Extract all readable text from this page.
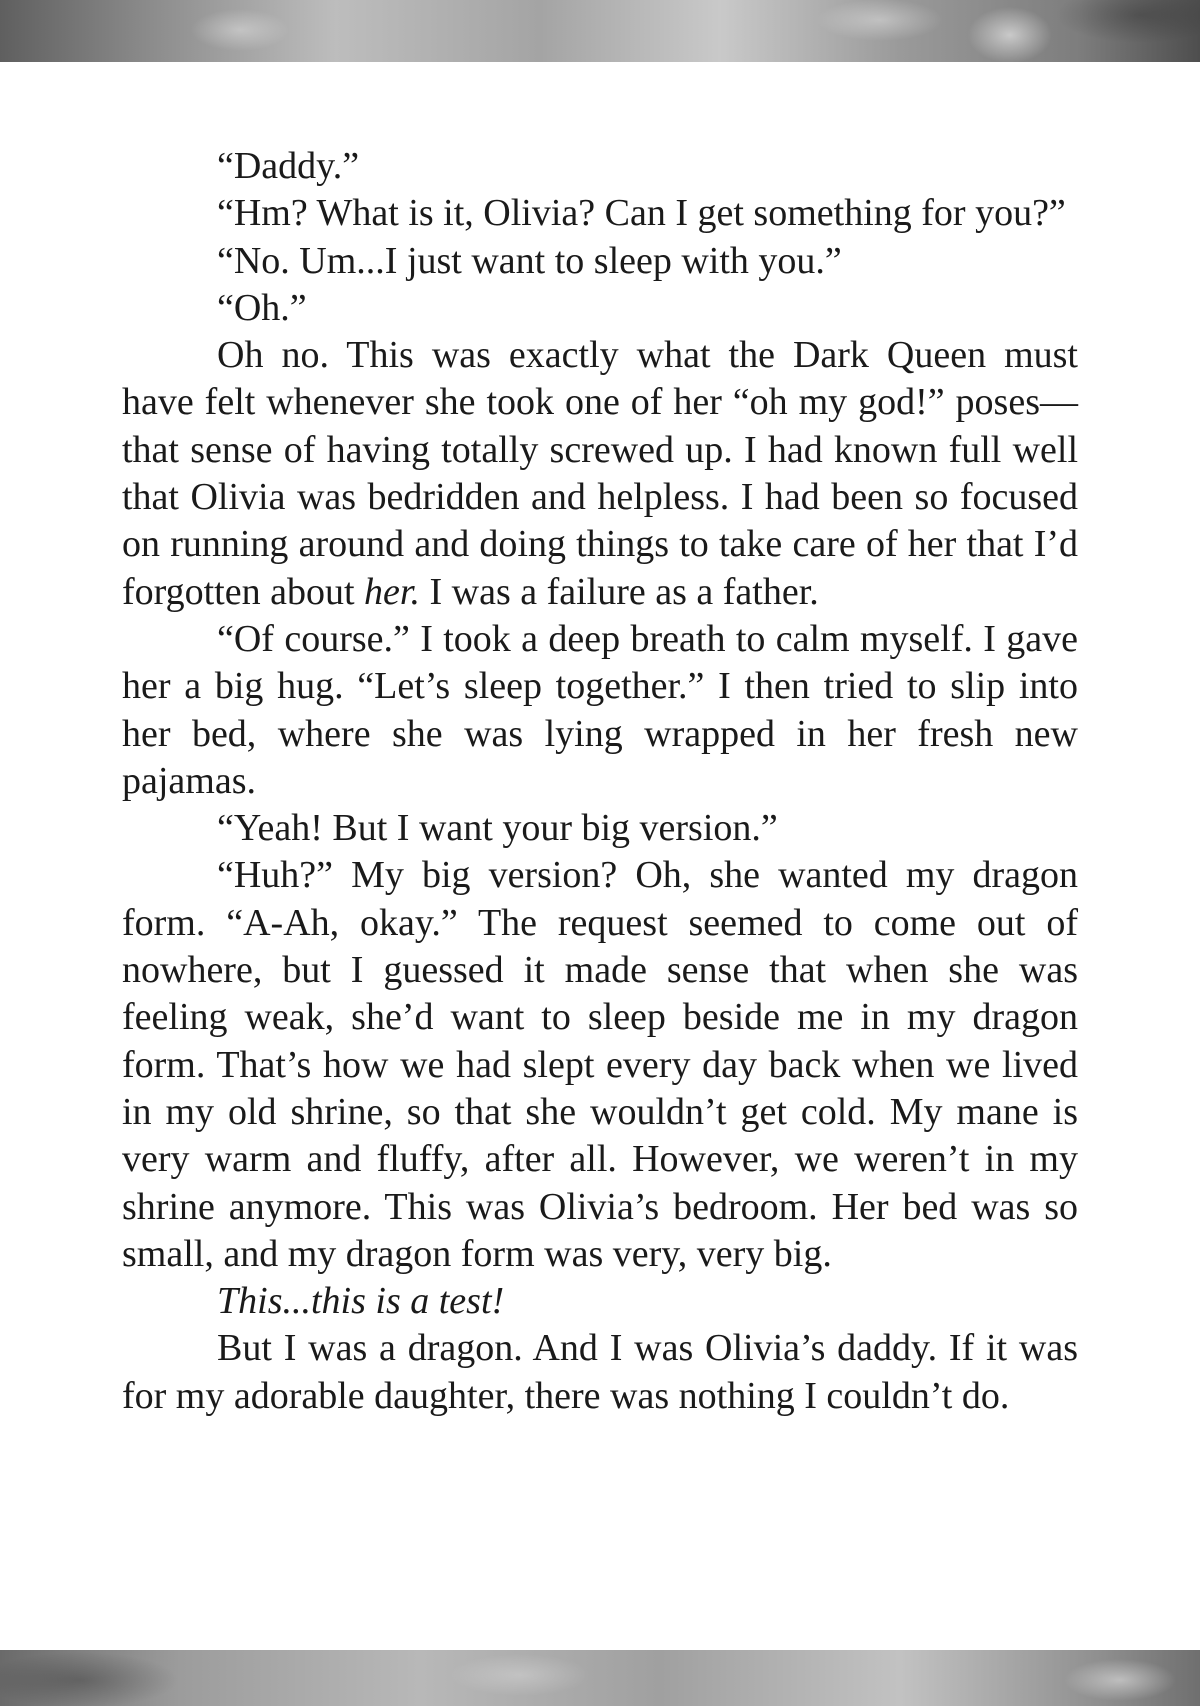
“Daddy.”

“Hm? What is it, Olivia? Can I get something for you?”

“No. Um...I just want to sleep with you.”

“Oh.”

Oh no. This was exactly what the Dark Queen must have felt whenever she took one of her “oh my god!” poses—that sense of having totally screwed up. I had known full well that Olivia was bedridden and helpless. I had been so focused on running around and doing things to take care of her that I’d forgotten about her. I was a failure as a father.

“Of course.” I took a deep breath to calm myself. I gave her a big hug. “Let’s sleep together.” I then tried to slip into her bed, where she was lying wrapped in her fresh new pajamas.

“Yeah! But I want your big version.”

“Huh?” My big version? Oh, she wanted my dragon form. “A-Ah, okay.” The request seemed to come out of nowhere, but I guessed it made sense that when she was feeling weak, she’d want to sleep beside me in my dragon form. That’s how we had slept every day back when we lived in my old shrine, so that she wouldn’t get cold. My mane is very warm and fluffy, after all. However, we weren’t in my shrine anymore. This was Olivia’s bedroom. Her bed was so small, and my dragon form was very, very big.

This...this is a test!

But I was a dragon. And I was Olivia’s daddy. If it was for my adorable daughter, there was nothing I couldn’t do.
